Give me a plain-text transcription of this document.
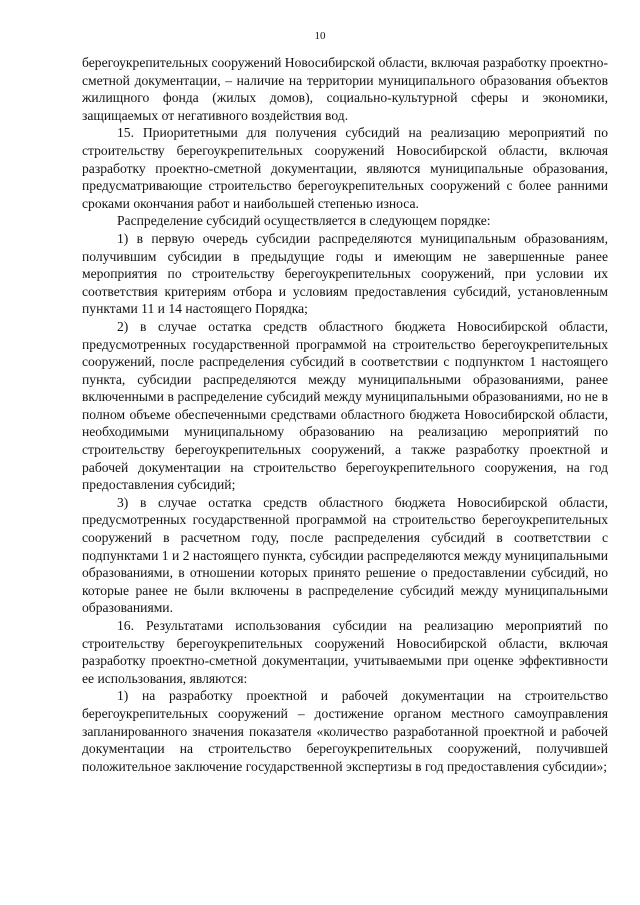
10

берегоукрепительных сооружений Новосибирской области, включая разработку проектно-сметной документации, – наличие на территории муниципального образования объектов жилищного фонда (жилых домов), социально-культурной сферы и экономики, защищаемых от негативного воздействия вод.

15. Приоритетными для получения субсидий на реализацию мероприятий по строительству берегоукрепительных сооружений Новосибирской области, включая разработку проектно-сметной документации, являются муниципальные образования, предусматривающие строительство берегоукрепительных сооружений с более ранними сроками окончания работ и наибольшей степенью износа.

Распределение субсидий осуществляется в следующем порядке:

1) в первую очередь субсидии распределяются муниципальным образованиям, получившим субсидии в предыдущие годы и имеющим не завершенные ранее мероприятия по строительству берегоукрепительных сооружений, при условии их соответствия критериям отбора и условиям предоставления субсидий, установленным пунктами 11 и 14 настоящего Порядка;

2) в случае остатка средств областного бюджета Новосибирской области, предусмотренных государственной программой на строительство берегоукрепительных сооружений, после распределения субсидий в соответствии с подпунктом 1 настоящего пункта, субсидии распределяются между муниципальными образованиями, ранее включенными в распределение субсидий между муниципальными образованиями, но не в полном объеме обеспеченными средствами областного бюджета Новосибирской области, необходимыми муниципальному образованию на реализацию мероприятий по строительству берегоукрепительных сооружений, а также разработку проектной и рабочей документации на строительство берегоукрепительного сооружения, на год предоставления субсидий;

3) в случае остатка средств областного бюджета Новосибирской области, предусмотренных государственной программой на строительство берегоукрепительных сооружений в расчетном году, после распределения субсидий в соответствии с подпунктами 1 и 2 настоящего пункта, субсидии распределяются между муниципальными образованиями, в отношении которых принято решение о предоставлении субсидий, но которые ранее не были включены в распределение субсидий между муниципальными образованиями.

16. Результатами использования субсидии на реализацию мероприятий по строительству берегоукрепительных сооружений Новосибирской области, включая разработку проектно-сметной документации, учитываемыми при оценке эффективности ее использования, являются:

1) на разработку проектной и рабочей документации на строительство берегоукрепительных сооружений – достижение органом местного самоуправления запланированного значения показателя «количество разработанной проектной и рабочей документации на строительство берегоукрепительных сооружений, получившей положительное заключение государственной экспертизы в год предоставления субсидии»;
